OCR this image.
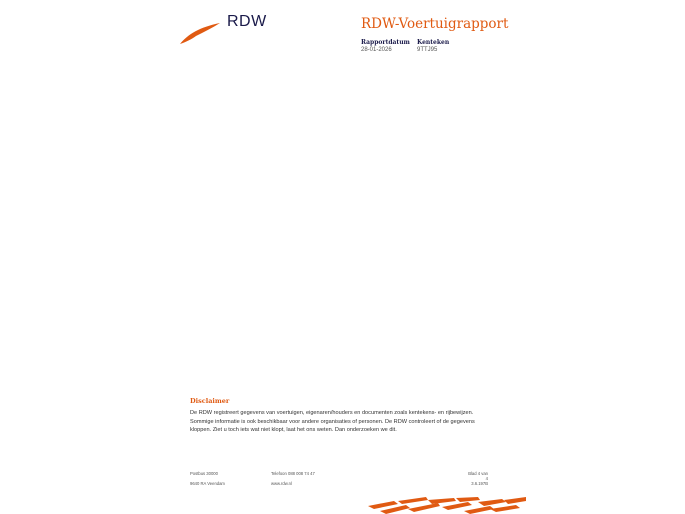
RDW	RDW-Voertuigrapport
Rapportdatum
28-01-2026
Kenteken
9TTJ95
Disclaimer
De RDW registreert gegevens van voertuigen, eigenaren/houders en documenten zoals kentekens- en rijbewijzen.
Sommige informatie is ook beschikbaar voor andere organisaties of personen. De RDW controleert of de gegevens
kloppen. Ziet u toch iets wat niet klopt, laat het ons weten. Dan onderzoeken we dit.
Postbus 30000
9640 RA Veendam
Telefoon 088 008 74 47
www.rdw.nl
Blad 4 van 4
3.6.197B
